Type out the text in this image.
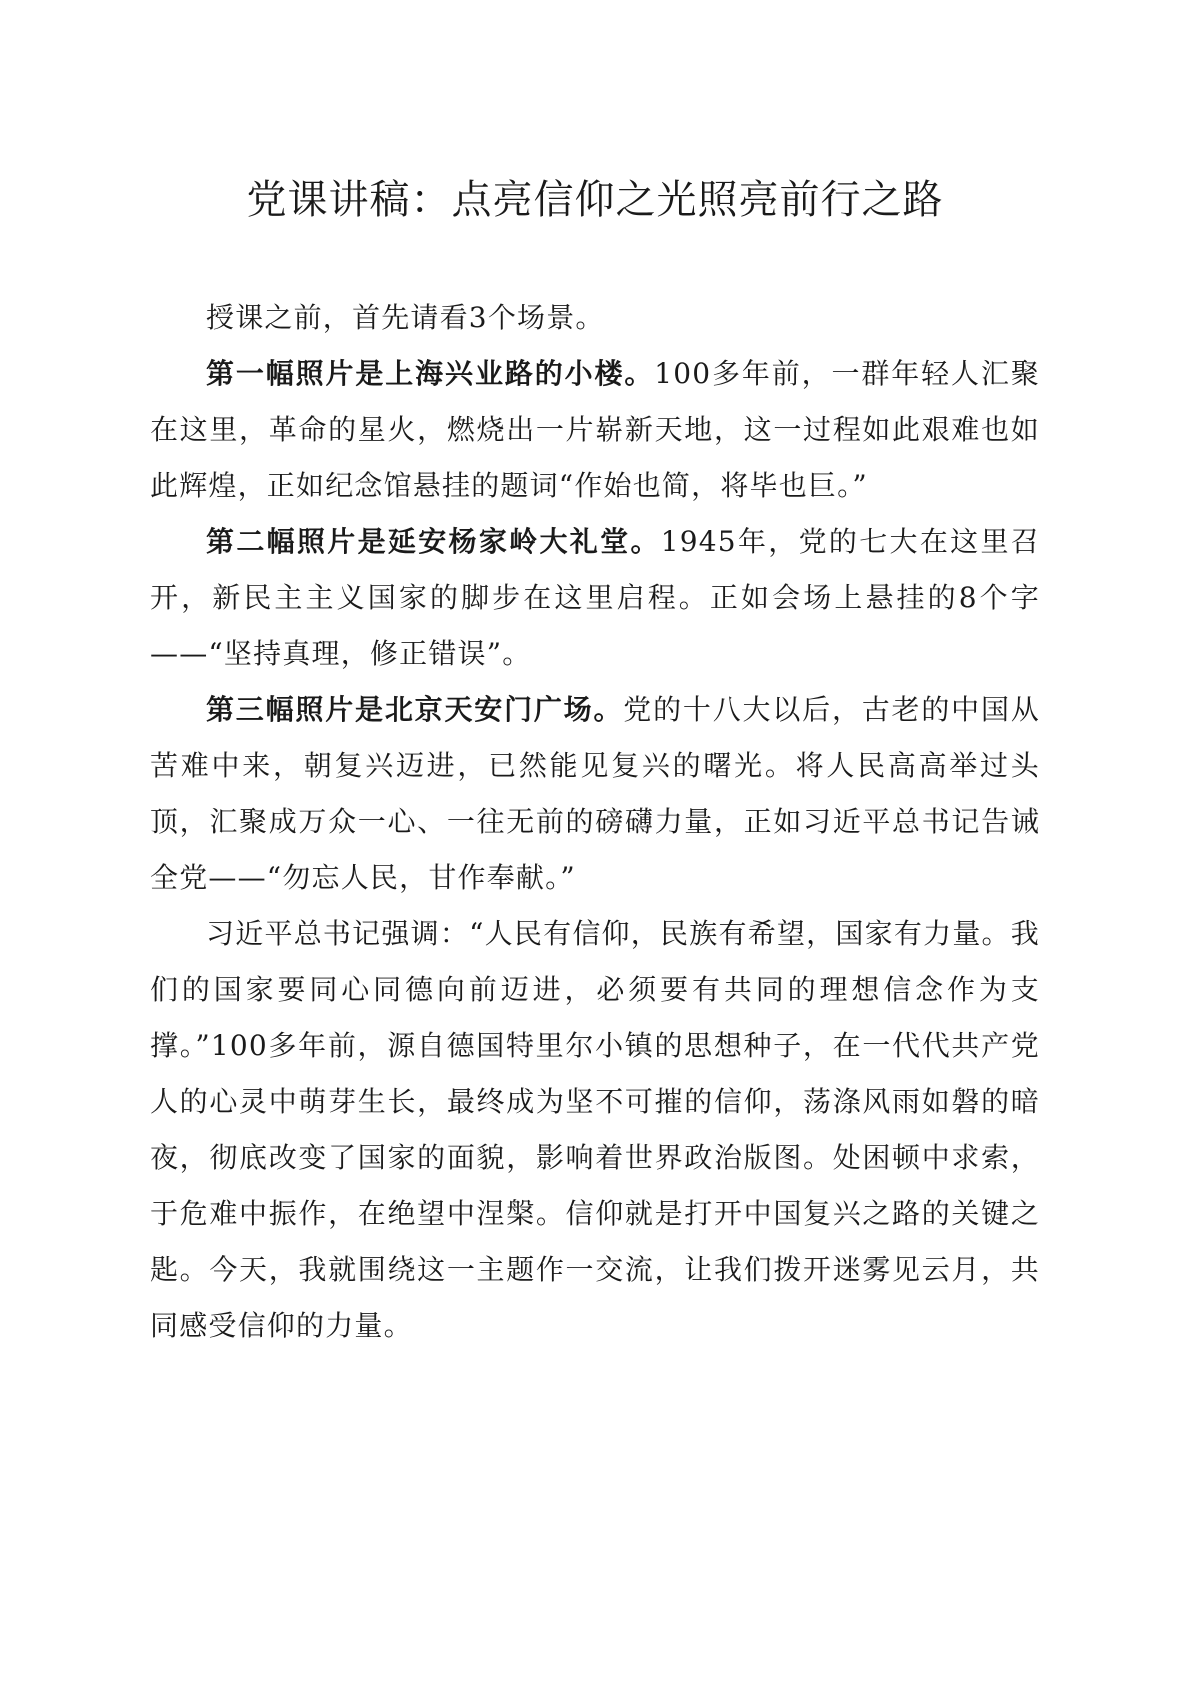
党课讲稿：点亮信仰之光照亮前行之路

授课之前，首先请看3个场景。

第一幅照片是上海兴业路的小楼。100多年前，一群年轻人汇聚在这里，革命的星火，燃烧出一片崭新天地，这一过程如此艰难也如此辉煌，正如纪念馆悬挂的题词“作始也简，将毕也巨。”

第二幅照片是延安杨家岭大礼堂。1945年，党的七大在这里召开，新民主主义国家的脚步在这里启程。正如会场上悬挂的8个字——“坚持真理，修正错误”。

第三幅照片是北京天安门广场。党的十八大以后，古老的中国从苦难中来，朝复兴迈进，已然能见复兴的曙光。将人民高高举过头顶，汇聚成万众一心、一往无前的磅礴力量，正如习近平总书记告诫全党——“勿忘人民，甘作奉献。”

习近平总书记强调：“人民有信仰，民族有希望，国家有力量。我们的国家要同心同德向前迈进，必须要有共同的理想信念作为支撑。”100多年前，源自德国特里尔小镇的思想种子，在一代代共产党人的心灵中萌芽生长，最终成为坚不可摧的信仰，荡涤风雨如磐的暗夜，彻底改变了国家的面貌，影响着世界政治版图。处困顿中求索，于危难中振作，在绝望中涅槃。信仰就是打开中国复兴之路的关键之匙。今天，我就围绕这一主题作一交流，让我们拨开迷雾见云月，共同感受信仰的力量。
